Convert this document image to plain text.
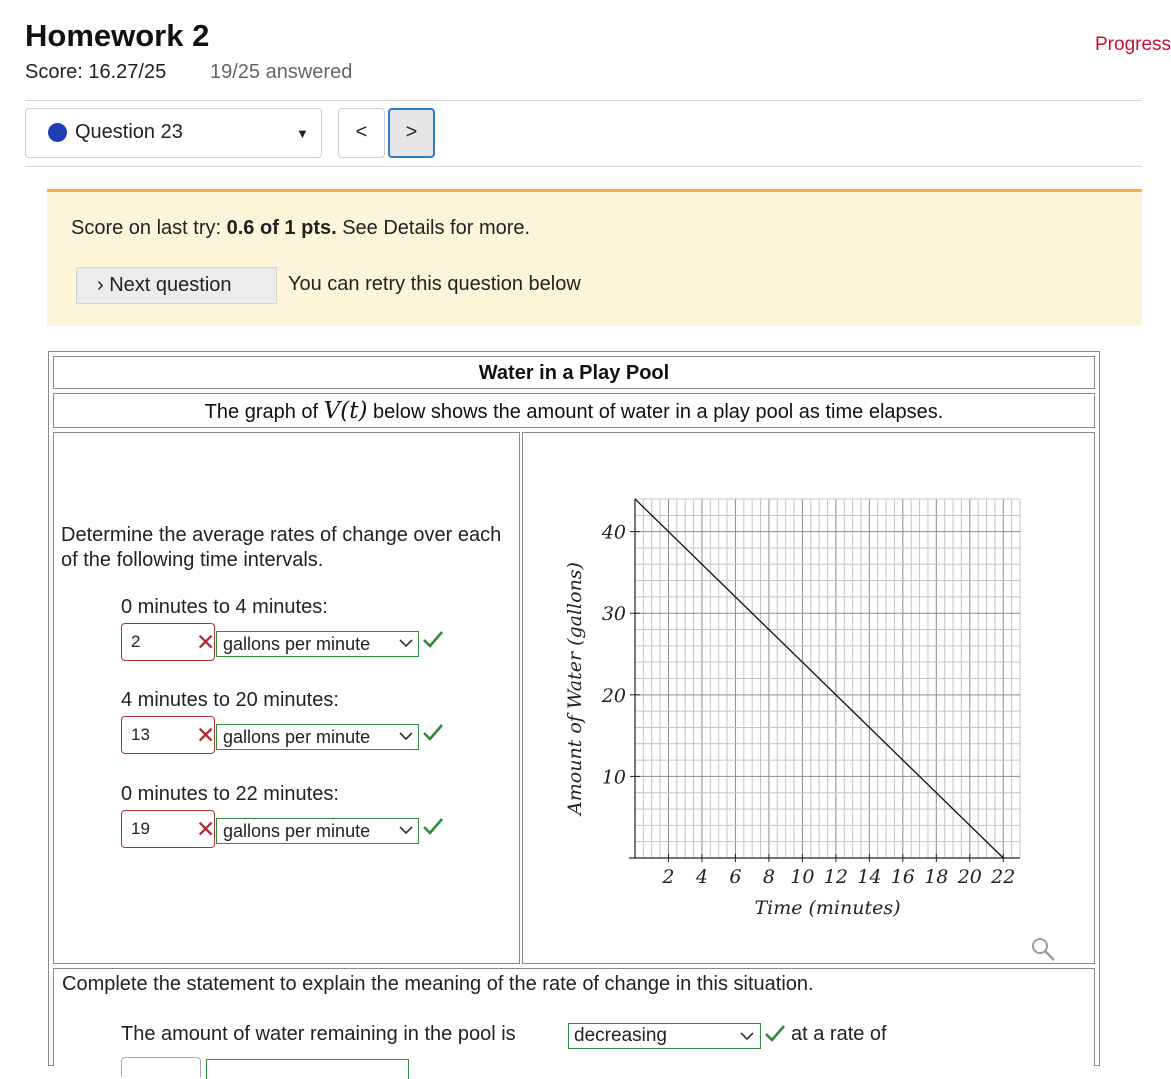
Homework 2	Progress
Score: 16.27/25 19/25 answered
Question 23	▼	<	>
Score on last try: 0.6 of 1 pts. See Details for more.
› Next question	You can retry this question below
Water in a Play Pool
The graph of V(t) below shows the amount of water in a play pool as time elapses.
Determine the average rates of change over each of the following time intervals.
0 minutes to 4 minutes:
2	✕ gallons per minute
4 minutes to 20 minutes:
13	✕ gallons per minute
0 minutes to 22 minutes:
19	✕ gallons per minute
2 4 6 8 10 12 14 16 18 20 22
10
20
30
40
Time (minutes)
Amount of Water (gallons)
Complete the statement to explain the meaning of the rate of change in this situation.
The amount of water remaining in the pool is	decreasing	at a rate of
